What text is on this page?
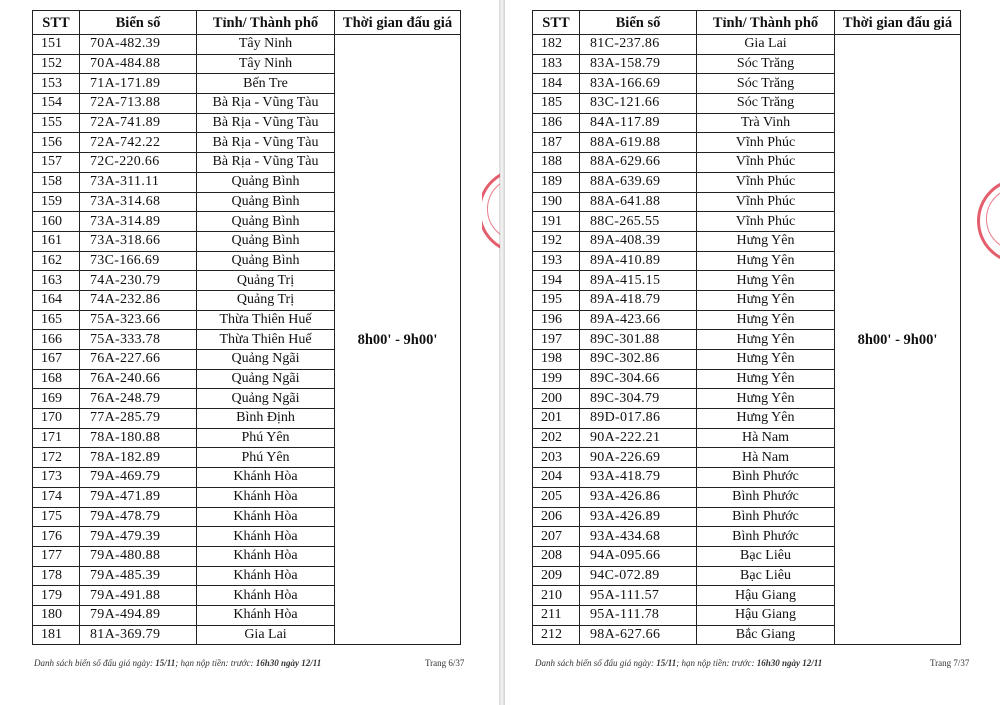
STT	Biển số	Tỉnh/ Thành phố	Thời gian đấu giá
151	70A-482.39	Tây Ninh	8h00' - 9h00'
152	70A-484.88	Tây Ninh	
153	71A-171.89	Bến Tre	
154	72A-713.88	Bà Rịa - Vũng Tàu	
155	72A-741.89	Bà Rịa - Vũng Tàu	
156	72A-742.22	Bà Rịa - Vũng Tàu	
157	72C-220.66	Bà Rịa - Vũng Tàu	
158	73A-311.11	Quảng Bình	
159	73A-314.68	Quảng Bình	
160	73A-314.89	Quảng Bình	
161	73A-318.66	Quảng Bình	
162	73C-166.69	Quảng Bình	
163	74A-230.79	Quảng Trị	
164	74A-232.86	Quảng Trị	
165	75A-323.66	Thừa Thiên Huế	
166	75A-333.78	Thừa Thiên Huế	
167	76A-227.66	Quảng Ngãi	
168	76A-240.66	Quảng Ngãi	
169	76A-248.79	Quảng Ngãi	
170	77A-285.79	Bình Định	
171	78A-180.88	Phú Yên	
172	78A-182.89	Phú Yên	
173	79A-469.79	Khánh Hòa	
174	79A-471.89	Khánh Hòa	
175	79A-478.79	Khánh Hòa	
176	79A-479.39	Khánh Hòa	
177	79A-480.88	Khánh Hòa	
178	79A-485.39	Khánh Hòa	
179	79A-491.88	Khánh Hòa	
180	79A-494.89	Khánh Hòa	
181	81A-369.79	Gia Lai	
Danh sách biển số đấu giá ngày: 15/11; hạn nộp tiền: trước: 16h30 ngày 12/11	Trang 6/37
STT	Biển số	Tỉnh/ Thành phố	Thời gian đấu giá
182	81C-237.86	Gia Lai	8h00' - 9h00'
183	83A-158.79	Sóc Trăng	
184	83A-166.69	Sóc Trăng	
185	83C-121.66	Sóc Trăng	
186	84A-117.89	Trà Vinh	
187	88A-619.88	Vĩnh Phúc	
188	88A-629.66	Vĩnh Phúc	
189	88A-639.69	Vĩnh Phúc	
190	88A-641.88	Vĩnh Phúc	
191	88C-265.55	Vĩnh Phúc	
192	89A-408.39	Hưng Yên	
193	89A-410.89	Hưng Yên	
194	89A-415.15	Hưng Yên	
195	89A-418.79	Hưng Yên	
196	89A-423.66	Hưng Yên	
197	89C-301.88	Hưng Yên	
198	89C-302.86	Hưng Yên	
199	89C-304.66	Hưng Yên	
200	89C-304.79	Hưng Yên	
201	89D-017.86	Hưng Yên	
202	90A-222.21	Hà Nam	
203	90A-226.69	Hà Nam	
204	93A-418.79	Bình Phước	
205	93A-426.86	Bình Phước	
206	93A-426.89	Bình Phước	
207	93A-434.68	Bình Phước	
208	94A-095.66	Bạc Liêu	
209	94C-072.89	Bạc Liêu	
210	95A-111.57	Hậu Giang	
211	95A-111.78	Hậu Giang	
212	98A-627.66	Bắc Giang	
Danh sách biển số đấu giá ngày: 15/11; hạn nộp tiền: trước: 16h30 ngày 12/11	Trang 7/37
